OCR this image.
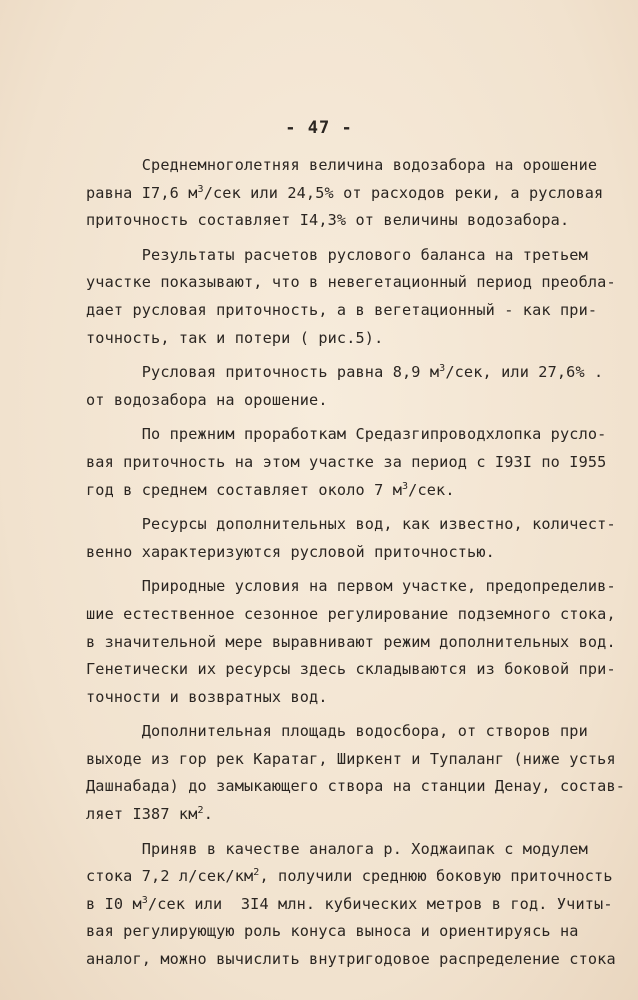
- 47 -
Среднемноголетняя величина водозабора на орошение
равна I7,6 $м^3$/сек или 24,5% от расходов реки, а русловая
приточность составляет I4,3% от величины водозабора.
Результаты расчетов руслового баланса на третьем
участке показывают, что в невегетационный период преобла-
дает русловая приточность, а в вегетационный - как при-
точность, так и потери ( рис.5).
Русловая приточность равна 8,9 $м^3$/сек, или 27,6% .
от водозабора на орошение.
По прежним проработкам Средазгипроводхлопка русло-
вая приточность на этом участке за период с I93I по I955
год в среднем составляет около 7 $м^3$/сек.
Ресурсы дополнительных вод, как известно, количест-
венно характеризуются русловой приточностью.
Природные условия на первом участке, предопределив-
шие естественное сезонное регулирование подземного стока,
в значительной мере выравнивают режим дополнительных вод.
Генетически их ресурсы здесь складываются из боковой при-
точности и возвратных вод.
Дополнительная площадь водосбора, от створов при
выходе из гор рек Каратаг, Ширкент и Тупаланг (ниже устья
Дашнабада) до замыкающего створа на станции Денау, состав-
ляет I387 $км^2$.
Приняв в качестве аналога р. Ходжаипак с модулем
стока 7,2 $л/сек/км^2$, получили среднюю боковую приточность
в I0 $м^3$/сек или  3I4 млн. кубических метров в год. Учиты-
вая регулирующую роль конуса выноса и ориентируясь на
аналог, можно вычислить внутригодовое распределение стока
